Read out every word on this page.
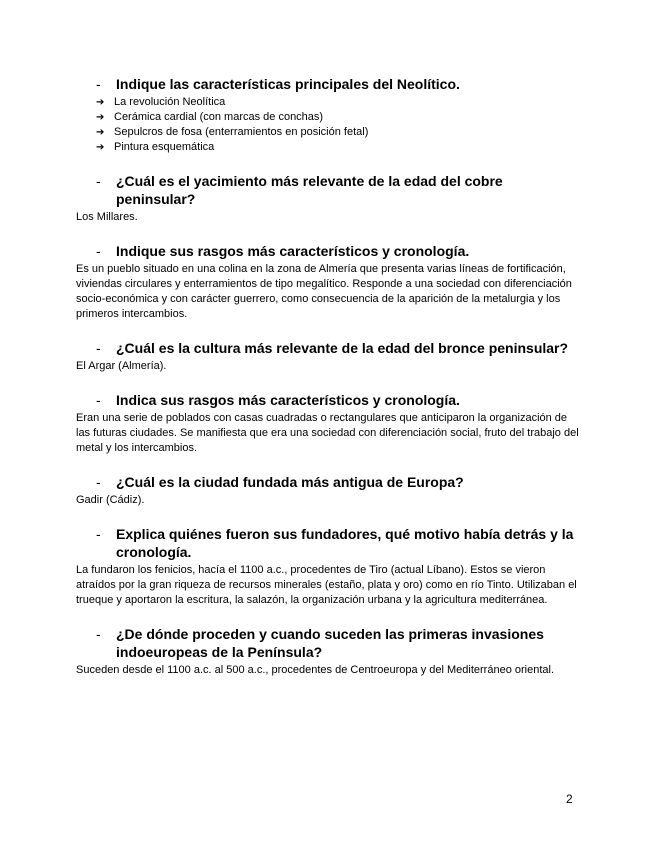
- Indique las características principales del Neolítico.
➔ La revolución Neolítica
➔ Cerámica cardial (con marcas de conchas)
➔ Sepulcros de fosa (enterramientos en posición fetal)
➔ Pintura esquemática
- ¿Cuál es el yacimiento más relevante de la edad del cobre peninsular?

Los Millares.

- Indique sus rasgos más característicos y cronología.

Es un pueblo situado en una colina en la zona de Almería que presenta varias líneas de fortificación, viviendas circulares y enterramientos de tipo megalítico. Responde a una sociedad con diferenciación socio-económica y con carácter guerrero, como consecuencia de la aparición de la metalurgia y los primeros intercambios.

- ¿Cuál es la cultura más relevante de la edad del bronce peninsular?

El Argar (Almería).

- Indica sus rasgos más característicos y cronología.

Eran una serie de poblados con casas cuadradas o rectangulares que anticiparon la organización de las futuras ciudades. Se manifiesta que era una sociedad con diferenciación social, fruto del trabajo del metal y los intercambios.

- ¿Cuál es la ciudad fundada más antigua de Europa?

Gadir (Cádiz).

- Explica quiénes fueron sus fundadores, qué motivo había detrás y la cronología.

La fundaron los fenicios, hacía el 1100 a.c., procedentes de Tiro (actual Líbano). Estos se vieron atraídos por la gran riqueza de recursos minerales (estaño, plata y oro) como en río Tinto. Utilizaban el trueque y aportaron la escritura, la salazón, la organización urbana y la agricultura mediterránea.

- ¿De dónde proceden y cuando suceden las primeras invasiones indoeuropeas de la Península?

Suceden desde el 1100 a.c. al 500 a.c., procedentes de Centroeuropa y del Mediterráneo oriental.

2
